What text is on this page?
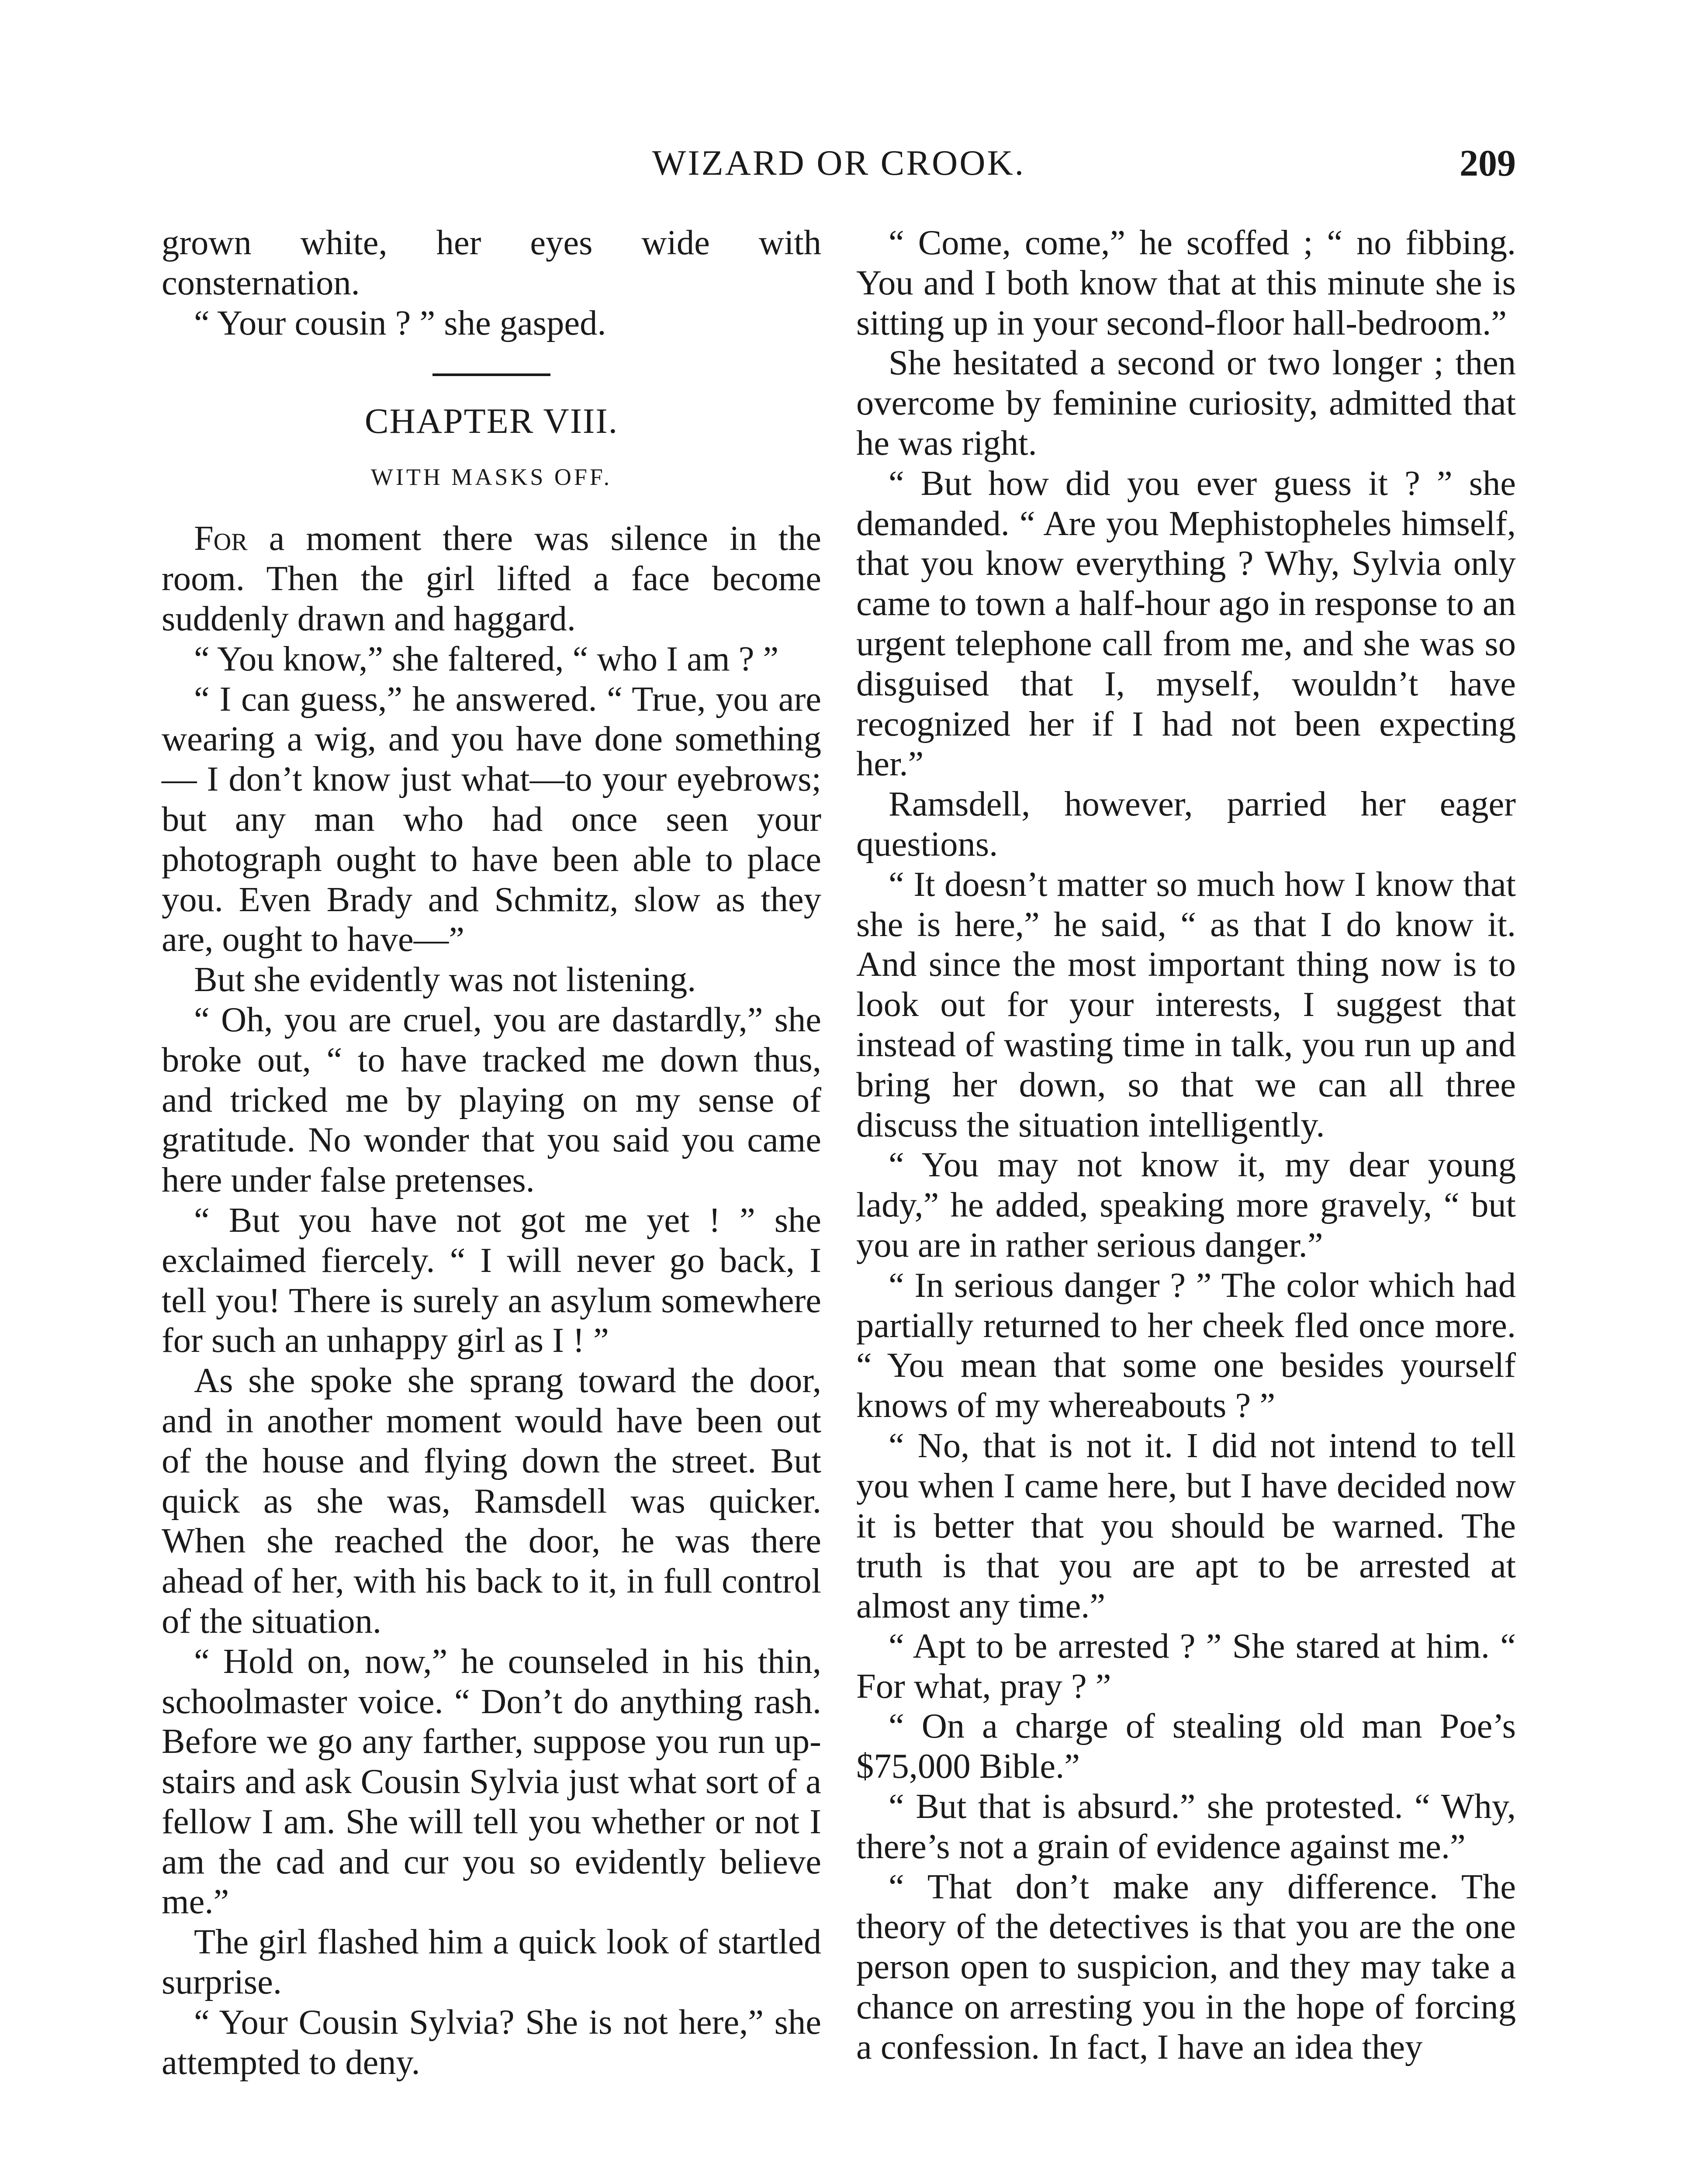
WIZARD OR CROOK.	209

grown white, her eyes wide with consternation.

“ Your cousin ? ” she gasped.

CHAPTER VIII.
WITH MASKS OFF.

For a moment there was silence in the room. Then the girl lifted a face become suddenly drawn and haggard.

“ You know,” she faltered, “ who I am ? ”

“ I can guess,” he answered. “ True, you are wearing a wig, and you have done something — I don’t know just what—to your eyebrows; but any man who had once seen your photograph ought to have been able to place you. Even Brady and Schmitz, slow as they are, ought to have—”

But she evidently was not listening.

“ Oh, you are cruel, you are dastardly,” she broke out, “ to have tracked me down thus, and tricked me by playing on my sense of gratitude. No wonder that you said you came here under false pretenses.

“ But you have not got me yet ! ” she exclaimed fiercely. “ I will never go back, I tell you! There is surely an asylum somewhere for such an unhappy girl as I ! ”

As she spoke she sprang toward the door, and in another moment would have been out of the house and flying down the street. But quick as she was, Ramsdell was quicker. When she reached the door, he was there ahead of her, with his back to it, in full control of the situation.

“ Hold on, now,” he counseled in his thin, schoolmaster voice. “ Don’t do anything rash. Before we go any farther, suppose you run up-stairs and ask Cousin Sylvia just what sort of a fellow I am. She will tell you whether or not I am the cad and cur you so evidently believe me.”

The girl flashed him a quick look of startled surprise.

“ Your Cousin Sylvia? She is not here,” she attempted to deny.

“ Come, come,” he scoffed ; “ no fibbing. You and I both know that at this minute she is sitting up in your second-floor hall-bedroom.”

She hesitated a second or two longer ; then overcome by feminine curiosity, admitted that he was right.

“ But how did you ever guess it ? ” she demanded. “ Are you Mephistopheles himself, that you know everything ? Why, Sylvia only came to town a half-hour ago in response to an urgent telephone call from me, and she was so disguised that I, myself, wouldn’t have recognized her if I had not been expecting her.”

Ramsdell, however, parried her eager questions.

“ It doesn’t matter so much how I know that she is here,” he said, “ as that I do know it. And since the most important thing now is to look out for your interests, I suggest that instead of wasting time in talk, you run up and bring her down, so that we can all three discuss the situation intelligently.

“ You may not know it, my dear young lady,” he added, speaking more gravely, “ but you are in rather serious danger.”

“ In serious danger ? ” The color which had partially returned to her cheek fled once more. “ You mean that some one besides yourself knows of my whereabouts ? ”

“ No, that is not it. I did not intend to tell you when I came here, but I have decided now it is better that you should be warned. The truth is that you are apt to be arrested at almost any time.”

“ Apt to be arrested ? ” She stared at him. “ For what, pray ? ”

“ On a charge of stealing old man Poe’s $75,000 Bible.”

“ But that is absurd.” she protested. “ Why, there’s not a grain of evidence against me.”

“ That don’t make any difference. The theory of the detectives is that you are the one person open to suspicion, and they may take a chance on arresting you in the hope of forcing a confession. In fact, I have an idea they
